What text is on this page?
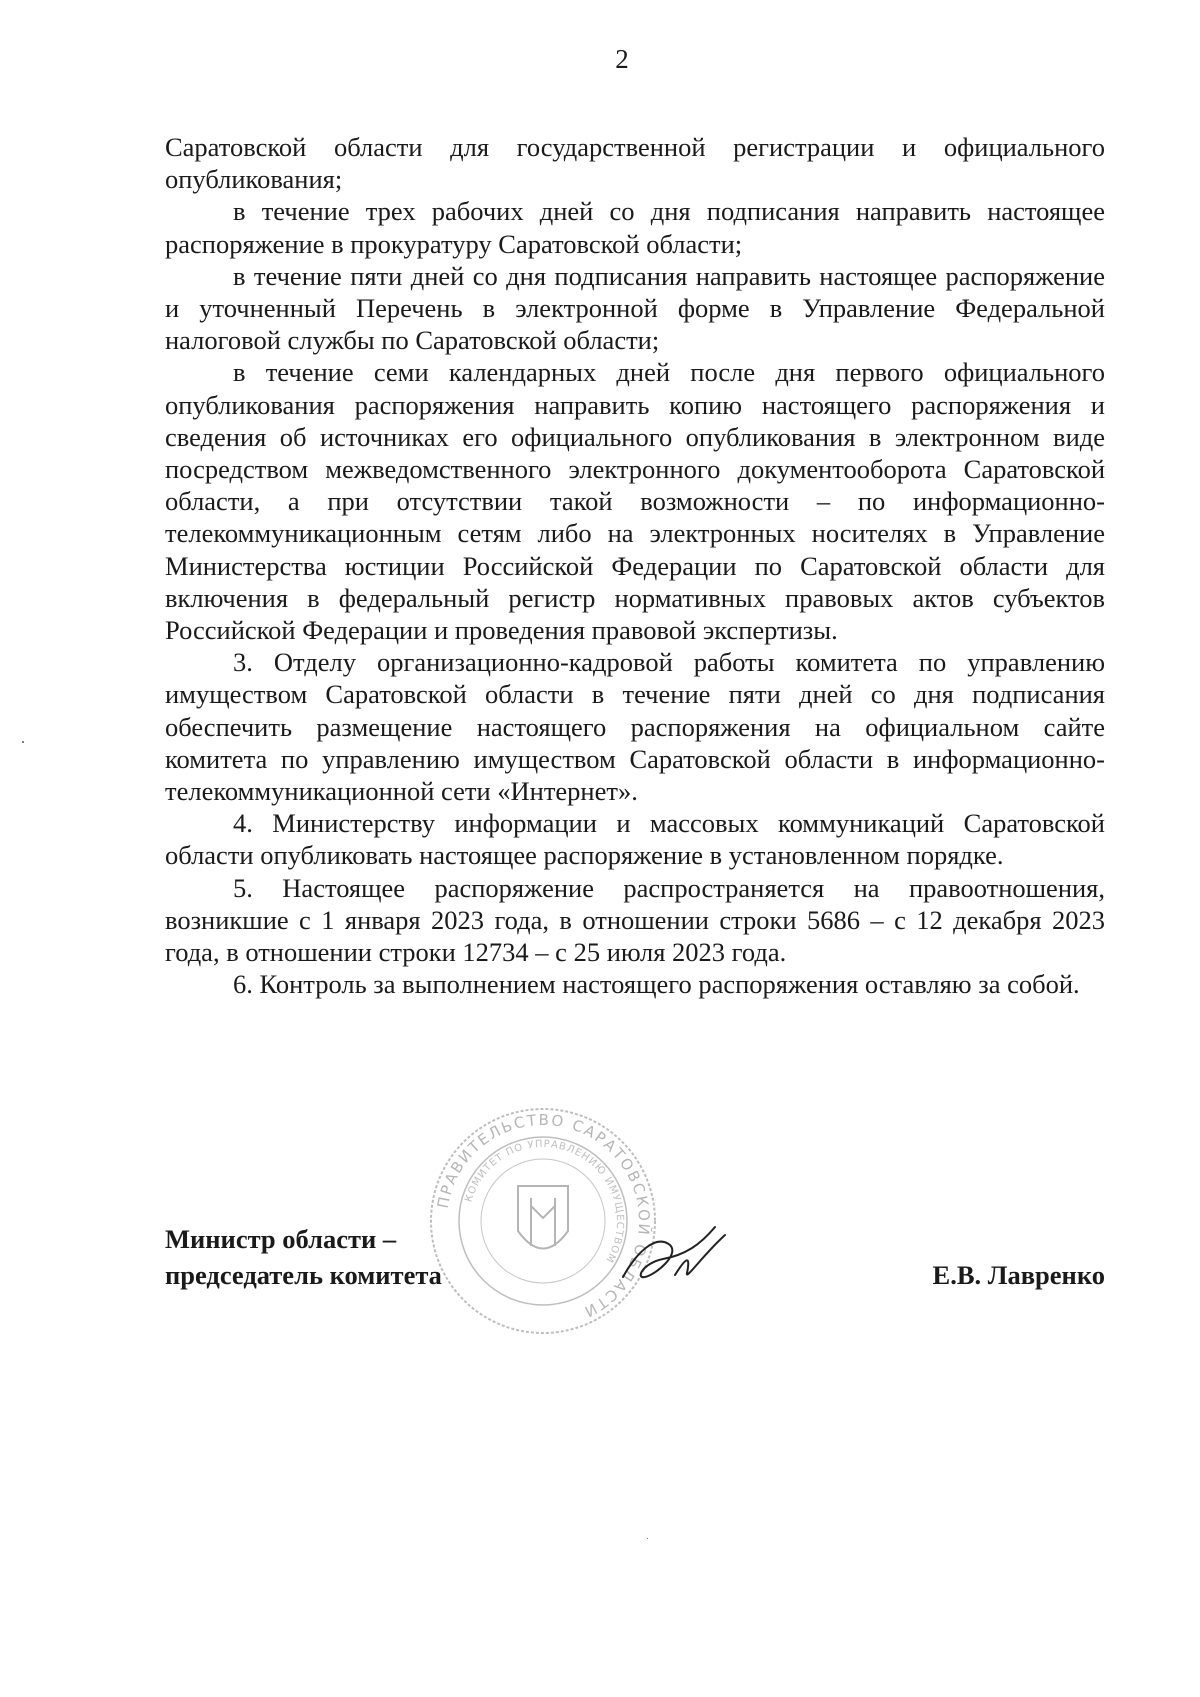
2

Саратовской области для государственной регистрации и официального опубликования;

в течение трех рабочих дней со дня подписания направить настоящее распоряжение в прокуратуру Саратовской области;

в течение пяти дней со дня подписания направить настоящее распоряжение и уточненный Перечень в электронной форме в Управление Федеральной налоговой службы по Саратовской области;

в течение семи календарных дней после дня первого официального опубликования распоряжения направить копию настоящего распоряжения и сведения об источниках его официального опубликования в электронном виде посредством межведомственного электронного документооборота Саратовской области, а при отсутствии такой возможности – по информационно-телекоммуникационным сетям либо на электронных носителях в Управление Министерства юстиции Российской Федерации по Саратовской области для включения в федеральный регистр нормативных правовых актов субъектов Российской Федерации и проведения правовой экспертизы.

3. Отделу организационно-кадровой работы комитета по управлению имуществом Саратовской области в течение пяти дней со дня подписания обеспечить размещение настоящего распоряжения на официальном сайте комитета по управлению имуществом Саратовской области в информационно-телекоммуникационной сети «Интернет».

4. Министерству информации и массовых коммуникаций Саратовской области опубликовать настоящее распоряжение в установленном порядке.

5. Настоящее распоряжение распространяется на правоотношения, возникшие с 1 января 2023 года, в отношении строки 5686 – с 12 декабря 2023 года, в отношении строки 12734 – с 25 июля 2023 года.

6. Контроль за выполнением настоящего распоряжения оставляю за собой.

ПРАВИТЕЛЬСТВО САРАТОВСКОЙ ОБЛАСТИ
КОМИТЕТ ПО УПРАВЛЕНИЮ ИМУЩЕСТВОМ
Министр области –
председатель комитета	Е.В. Лавренко
